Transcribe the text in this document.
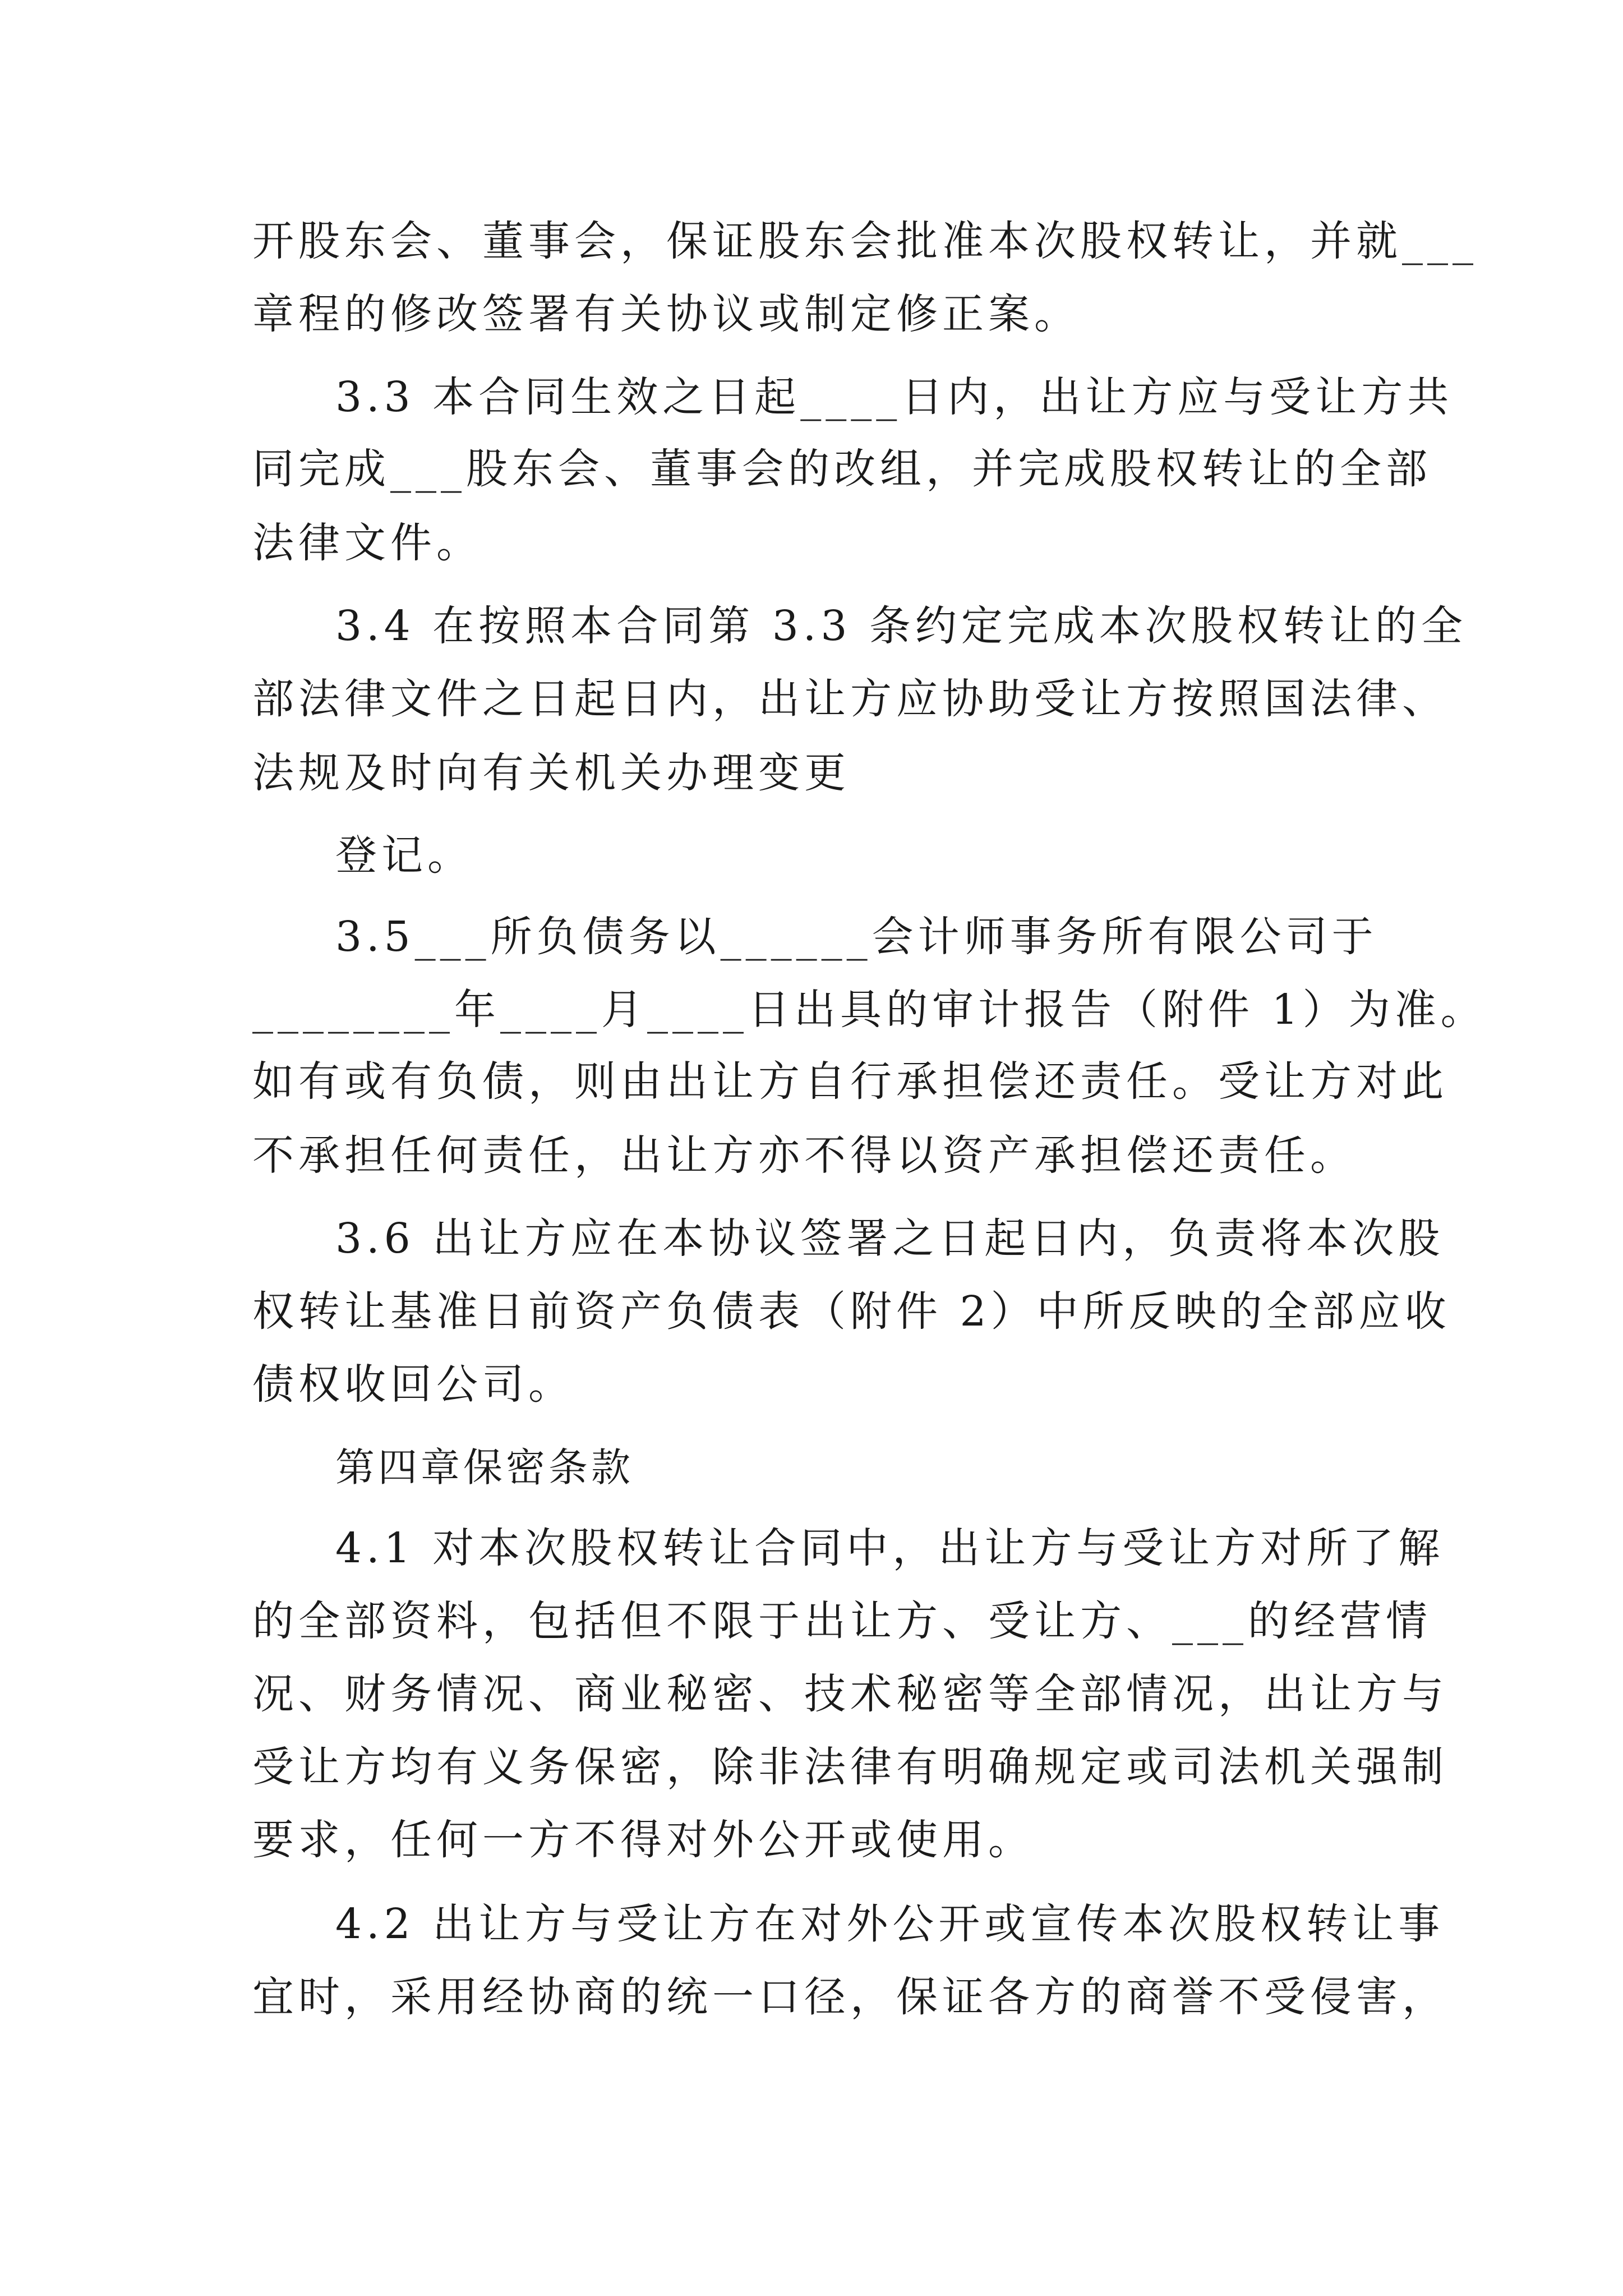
开股东会、董事会，保证股东会批准本次股权转让，并就___
章程的修改签署有关协议或制定修正案。
3.3 本合同生效之日起____日内，出让方应与受让方共
同完成___股东会、董事会的改组，并完成股权转让的全部
法律文件。
3.4 在按照本合同第 3.3 条约定完成本次股权转让的全
部法律文件之日起日内，出让方应协助受让方按照国法律、
法规及时向有关机关办理变更
登记。
3.5___所负债务以______会计师事务所有限公司于
________年____月____日出具的审计报告（附件 1）为准。
如有或有负债，则由出让方自行承担偿还责任。受让方对此
不承担任何责任，出让方亦不得以资产承担偿还责任。
3.6 出让方应在本协议签署之日起日内，负责将本次股
权转让基准日前资产负债表（附件 2）中所反映的全部应收
债权收回公司。
第四章保密条款
4.1 对本次股权转让合同中，出让方与受让方对所了解
的全部资料，包括但不限于出让方、受让方、___的经营情
况、财务情况、商业秘密、技术秘密等全部情况，出让方与
受让方均有义务保密，除非法律有明确规定或司法机关强制
要求，任何一方不得对外公开或使用。
4.2 出让方与受让方在对外公开或宣传本次股权转让事
宜时，采用经协商的统一口径，保证各方的商誉不受侵害，
